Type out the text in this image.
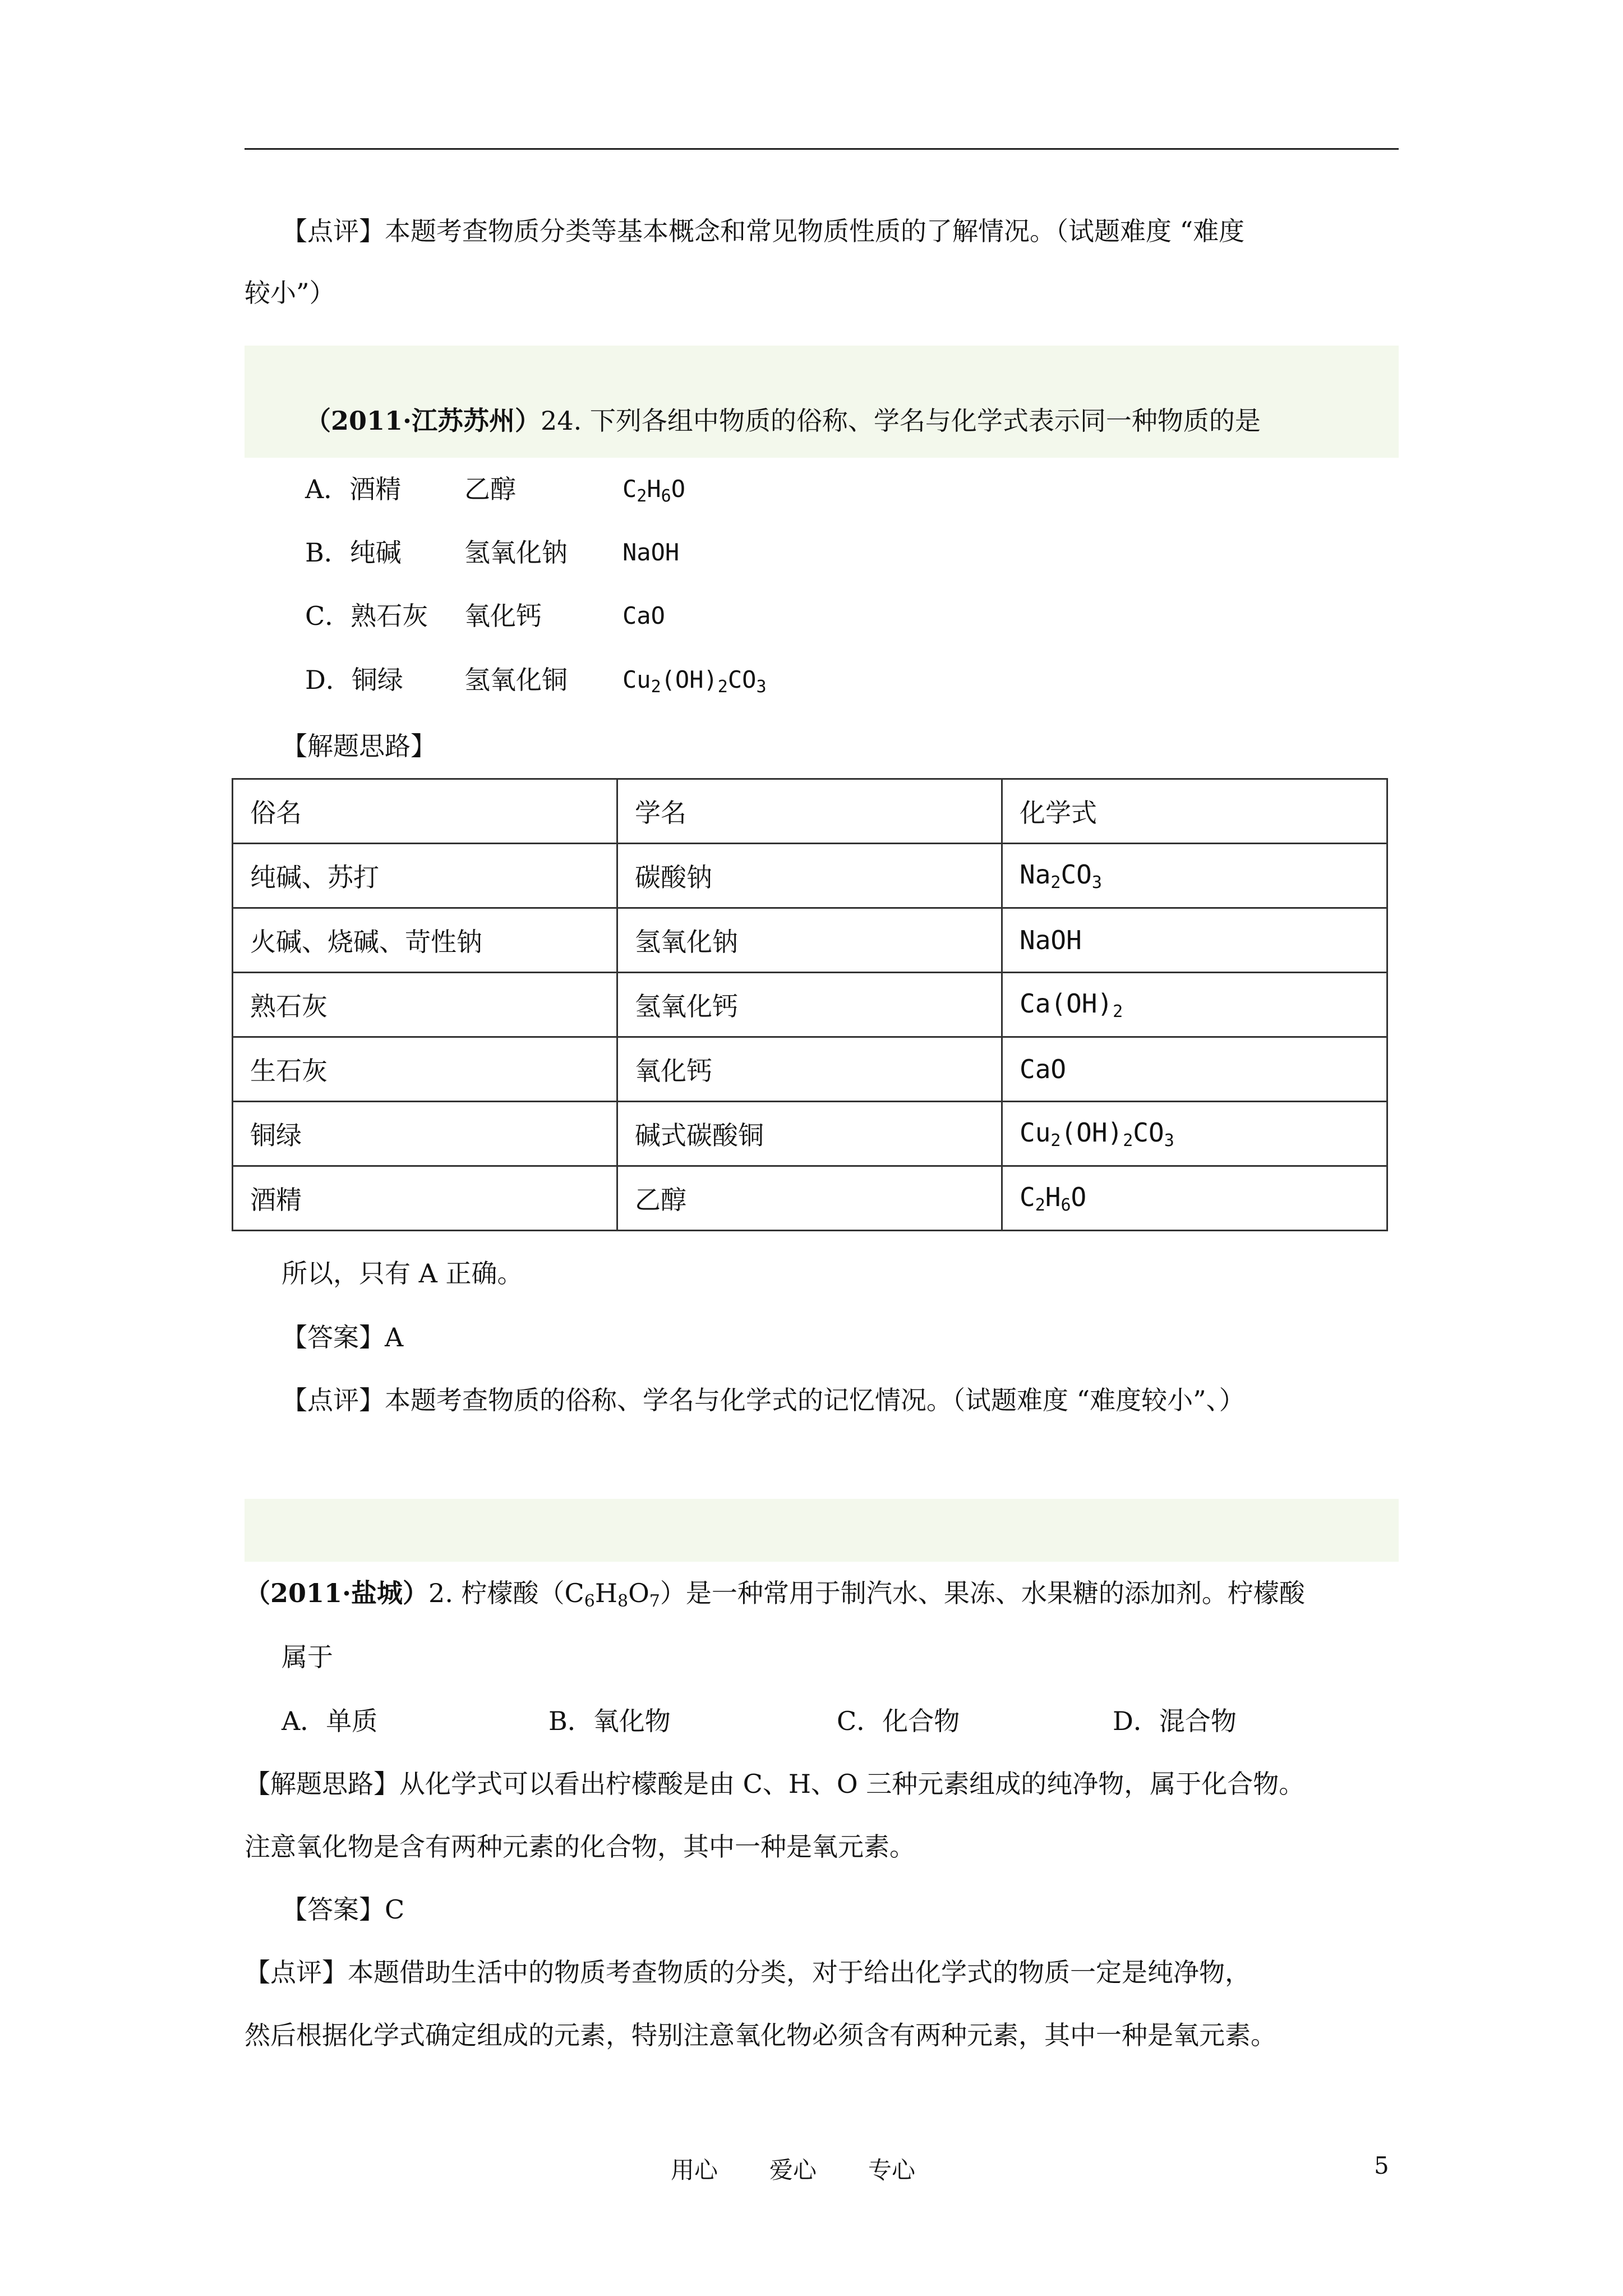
【点评】本题考查物质分类等基本概念和常见物质性质的了解情况。（试题难度 “难度
较小”）
（2011·江苏苏州）24. 下列各组中物质的俗称、学名与化学式表示同一种物质的是
A．酒精 乙醇	$C_2H_6O$
B．纯碱 氢氧化钠 NaOH
C．熟石灰 氧化钙	CaO
D．铜绿 氢氧化铜 $Cu_2(OH)_2CO_3$
【解题思路】
俗名	学名	化学式
纯碱、苏打	碳酸钠	$Na_2CO_3$
火碱、烧碱、苛性钠	氢氧化钠	NaOH
熟石灰	氢氧化钙	$Ca(OH)_2$
生石灰	氧化钙	CaO
铜绿	碱式碳酸铜	$Cu_2(OH)_2CO_3$
酒精	乙醇	$C_2H_6O$
所以，只有 A 正确。
【答案】A
【点评】本题考查物质的俗称、学名与化学式的记忆情况。（试题难度 “难度较小”、）
（2011·盐城）2. 柠檬酸$(C_6H_8O_7)$是一种常用于制汽水、果冻、水果糖的添加剂。柠檬酸
属于
A．单质	B．氧化物	C．化合物	D．混合物
【解题思路】从化学式可以看出柠檬酸是由 C、H、O 三种元素组成的纯净物，属于化合物。
注意氧化物是含有两种元素的化合物，其中一种是氧元素。
【答案】C
【点评】本题借助生活中的物质考查物质的分类，对于给出化学式的物质一定是纯净物，
然后根据化学式确定组成的元素，特别注意氧化物必须含有两种元素，其中一种是氧元素。
用心 爱心 专心	5
